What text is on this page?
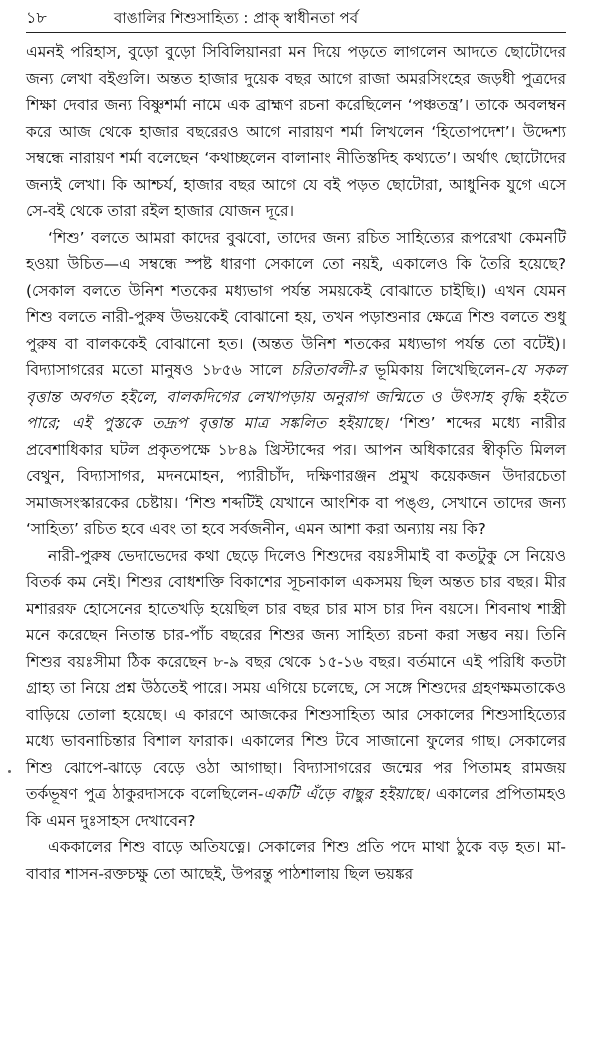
১৮	বাঙালির শিশুসাহিত্য : প্রাক্ স্বাধীনতা পর্ব

এমনই পরিহাস, বুড়ো বুড়ো সিবিলিয়ানরা মন দিয়ে পড়তে লাগলেন আদতে ছোটোদের জন্য লেখা বইগুলি। অন্তত হাজার দুয়েক বছর আগে রাজা অমরসিংহের জড়ধী পুত্রদের শিক্ষা দেবার জন্য বিষ্ণুশর্মা নামে এক ব্রাহ্মণ রচনা করেছিলেন ‘পঞ্চতন্ত্র’। তাকে অবলম্বন করে আজ থেকে হাজার বছরেরও আগে নারায়ণ শর্মা লিখলেন ‘হিতোপদেশ’। উদ্দেশ্য সম্বন্ধে নারায়ণ শর্মা বলেছেন ‘কথাচ্ছলেন বালানাং নীতিস্তদিহ কথ্যতে’। অর্থাৎ ছোটোদের জন্যই লেখা। কি আশ্চর্য, হাজার বছর আগে যে বই পড়ত ছোটোরা, আধুনিক যুগে এসে সে-বই থেকে তারা রইল হাজার যোজন দূরে।

‘শিশু’ বলতে আমরা কাদের বুঝবো, তাদের জন্য রচিত সাহিত্যের রূপরেখা কেমনটি হওয়া উচিত—এ সম্বন্ধে স্পষ্ট ধারণা সেকালে তো নয়ই, একালেও কি তৈরি হয়েছে? (সেকাল বলতে উনিশ শতকের মধ্যভাগ পর্যন্ত সময়কেই বোঝাতে চাইছি।) এখন যেমন শিশু বলতে নারী-পুরুষ উভয়কেই বোঝানো হয়, তখন পড়াশুনার ক্ষেত্রে শিশু বলতে শুধু পুরুষ বা বালককেই বোঝানো হত। (অন্তত উনিশ শতকের মধ্যভাগ পর্যন্ত তো বটেই)। বিদ্যাসাগরের মতো মানুষও ১৮৫৬ সালে চরিতাবলী-র ভূমিকায় লিখেছিলেন-যে সকল বৃত্তান্ত অবগত হইলে, বালকদিগের লেখাপড়ায় অনুরাগ জন্মিতে ও উৎসাহ বৃদ্ধি হইতে পারে; এই পুস্তকে তদ্রূপ বৃত্তান্ত মাত্র সঙ্কলিত হইয়াছে। ‘শিশু’ শব্দের মধ্যে নারীর প্রবেশাধিকার ঘটল প্রকৃতপক্ষে ১৮৪৯ খ্রিস্টাব্দের পর। আপন অধিকারের স্বীকৃতি মিলল বেথুন, বিদ্যাসাগর, মদনমোহন, প্যারীচাঁদ, দক্ষিণারঞ্জন প্রমুখ কয়েকজন উদারচেতা সমাজসংস্কারকের চেষ্টায়। ‘শিশু শব্দটিই যেখানে আংশিক বা পঙ্গু, সেখানে তাদের জন্য ‘সাহিত্য’ রচিত হবে এবং তা হবে সর্বজনীন, এমন আশা করা অন্যায় নয় কি?

নারী-পুরুষ ভেদাভেদের কথা ছেড়ে দিলেও শিশুদের বয়ঃসীমাই বা কতটুকু সে নিয়েও বিতর্ক কম নেই। শিশুর বোধশক্তি বিকাশের সূচনাকাল একসময় ছিল অন্তত চার বছর। মীর মশাররফ হোসেনের হাতেখড়ি হয়েছিল চার বছর চার মাস চার দিন বয়সে। শিবনাথ শাস্ত্রী মনে করেছেন নিতান্ত চার-পাঁচ বছরের শিশুর জন্য সাহিত্য রচনা করা সম্ভব নয়। তিনি শিশুর বয়ঃসীমা ঠিক করেছেন ৮-৯ বছর থেকে ১৫-১৬ বছর। বর্তমানে এই পরিধি কতটা গ্রাহ্য তা নিয়ে প্রশ্ন উঠতেই পারে। সময় এগিয়ে চলেছে, সে সঙ্গে শিশুদের গ্রহণক্ষমতাকেও বাড়িয়ে তোলা হয়েছে। এ কারণে আজকের শিশুসাহিত্য আর সেকালের শিশুসাহিত্যের মধ্যে ভাবনাচিন্তার বিশাল ফারাক। একালের শিশু টবে সাজানো ফুলের গাছ। সেকালের শিশু ঝোপে-ঝাড়ে বেড়ে ওঠা আগাছা। বিদ্যাসাগরের জন্মের পর পিতামহ রামজয় তর্কভূষণ পুত্র ঠাকুরদাসকে বলেছিলেন-একটি এঁড়ে বাছুর হইয়াছে। একালের প্রপিতামহও কি এমন দুঃসাহস দেখাবেন?

এককালের শিশু বাড়ে অতিযত্নে। সেকালের শিশু প্রতি পদে মাথা ঠুকে বড় হত। মা-বাবার শাসন-রক্তচক্ষু তো আছেই, উপরন্তু পাঠশালায় ছিল ভয়ঙ্কর
